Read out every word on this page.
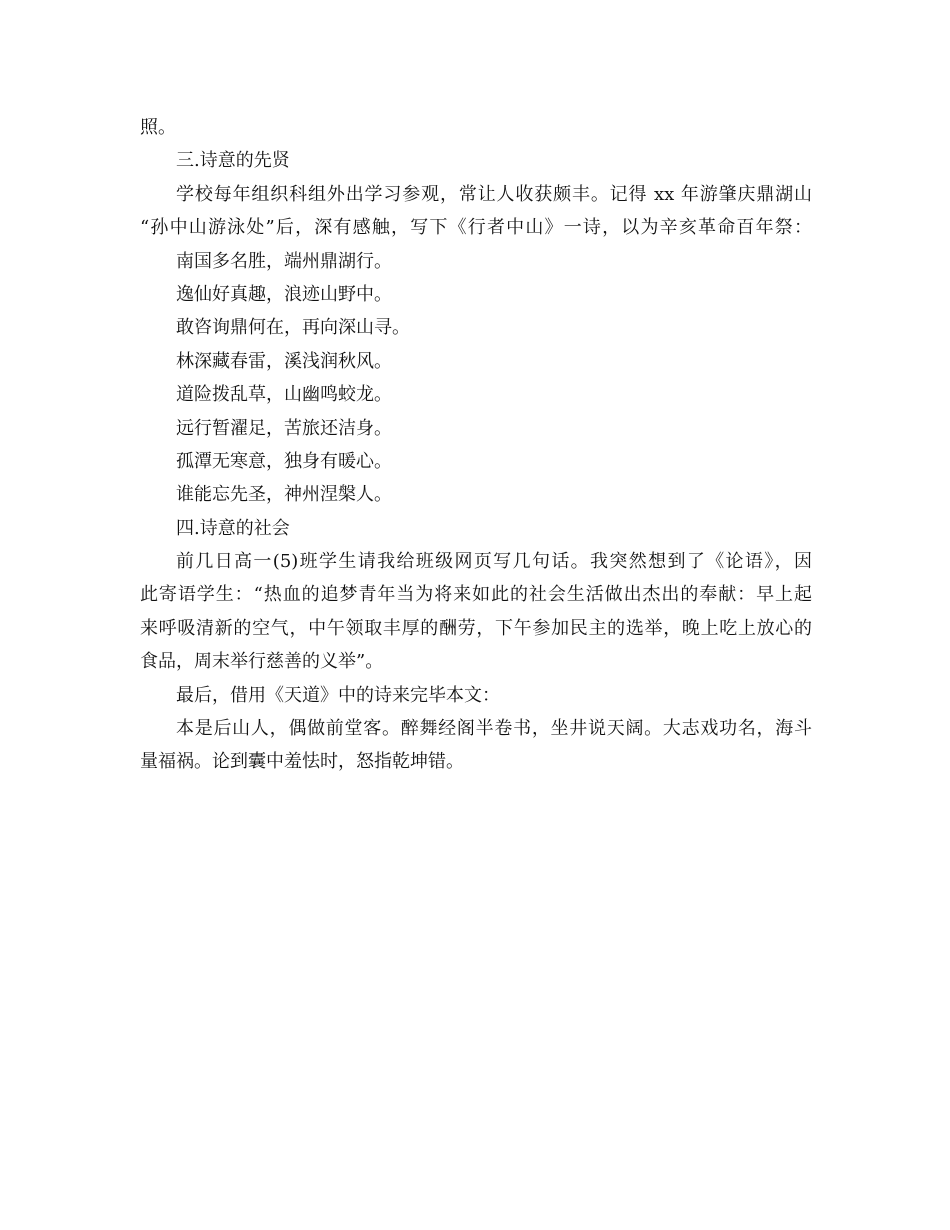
照。
三.诗意的先贤
学校每年组织科组外出学习参观，常让人收获颇丰。记得 xx 年游肇庆鼎湖山
“孙中山游泳处”后，深有感触，写下《行者中山》一诗，以为辛亥革命百年祭：
南国多名胜，端州鼎湖行。
逸仙好真趣，浪迹山野中。
敢咨询鼎何在，再向深山寻。
林深藏春雷，溪浅润秋风。
道险拨乱草，山幽鸣蛟龙。
远行暂濯足，苦旅还洁身。
孤潭无寒意，独身有暖心。
谁能忘先圣，神州涅槃人。
四.诗意的社会
前几日高一(5)班学生请我给班级网页写几句话。我突然想到了《论语》，因
此寄语学生：“热血的追梦青年当为将来如此的社会生活做出杰出的奉献：早上起
来呼吸清新的空气，中午领取丰厚的酬劳，下午参加民主的选举，晚上吃上放心的
食品，周末举行慈善的义举”。
最后，借用《天道》中的诗来完毕本文：
本是后山人，偶做前堂客。醉舞经阁半卷书，坐井说天阔。大志戏功名，海斗
量福祸。论到囊中羞怯时，怒指乾坤错。
